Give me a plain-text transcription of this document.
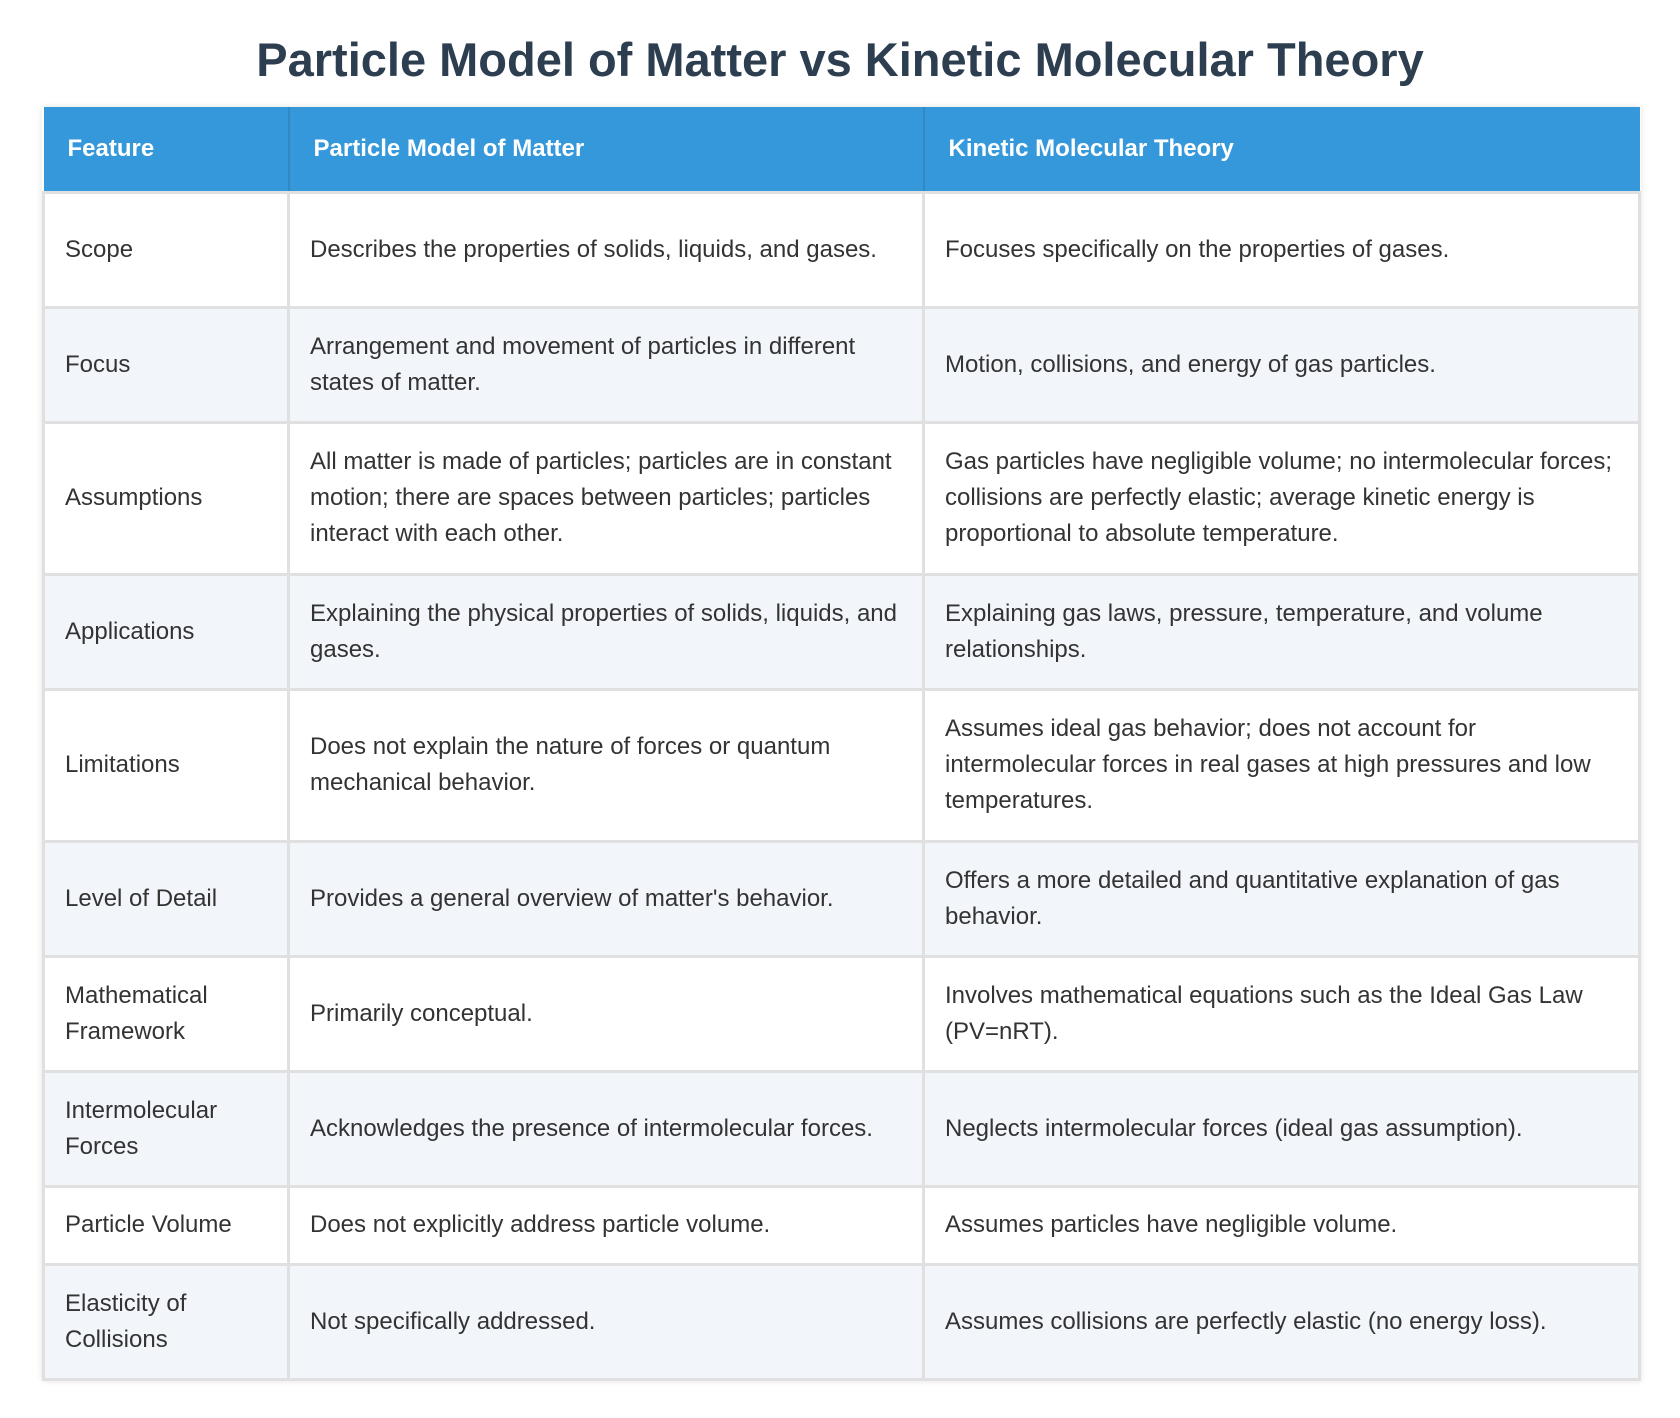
Particle Model of Matter vs Kinetic Molecular Theory
Feature	Particle Model of Matter	Kinetic Molecular Theory
Scope	Describes the properties of solids, liquids, and gases.	Focuses specifically on the properties of gases.
Focus	Arrangement and movement of particles in different states of matter.	Motion, collisions, and energy of gas particles.
Assumptions	All matter is made of particles; particles are in constant motion; there are spaces between particles; particles interact with each other.	Gas particles have negligible volume; no intermolecular forces; collisions are perfectly elastic; average kinetic energy is proportional to absolute temperature.
Applications	Explaining the physical properties of solids, liquids, and gases.	Explaining gas laws, pressure, temperature, and volume relationships.
Limitations	Does not explain the nature of forces or quantum mechanical behavior.	Assumes ideal gas behavior; does not account for intermolecular forces in real gases at high pressures and low temperatures.
Level of Detail	Provides a general overview of matter's behavior.	Offers a more detailed and quantitative explanation of gas behavior.
Mathematical Framework	Primarily conceptual.	Involves mathematical equations such as the Ideal Gas Law (PV=nRT).
Intermolecular Forces	Acknowledges the presence of intermolecular forces.	Neglects intermolecular forces (ideal gas assumption).
Particle Volume	Does not explicitly address particle volume.	Assumes particles have negligible volume.
Elasticity of Collisions	Not specifically addressed.	Assumes collisions are perfectly elastic (no energy loss).
